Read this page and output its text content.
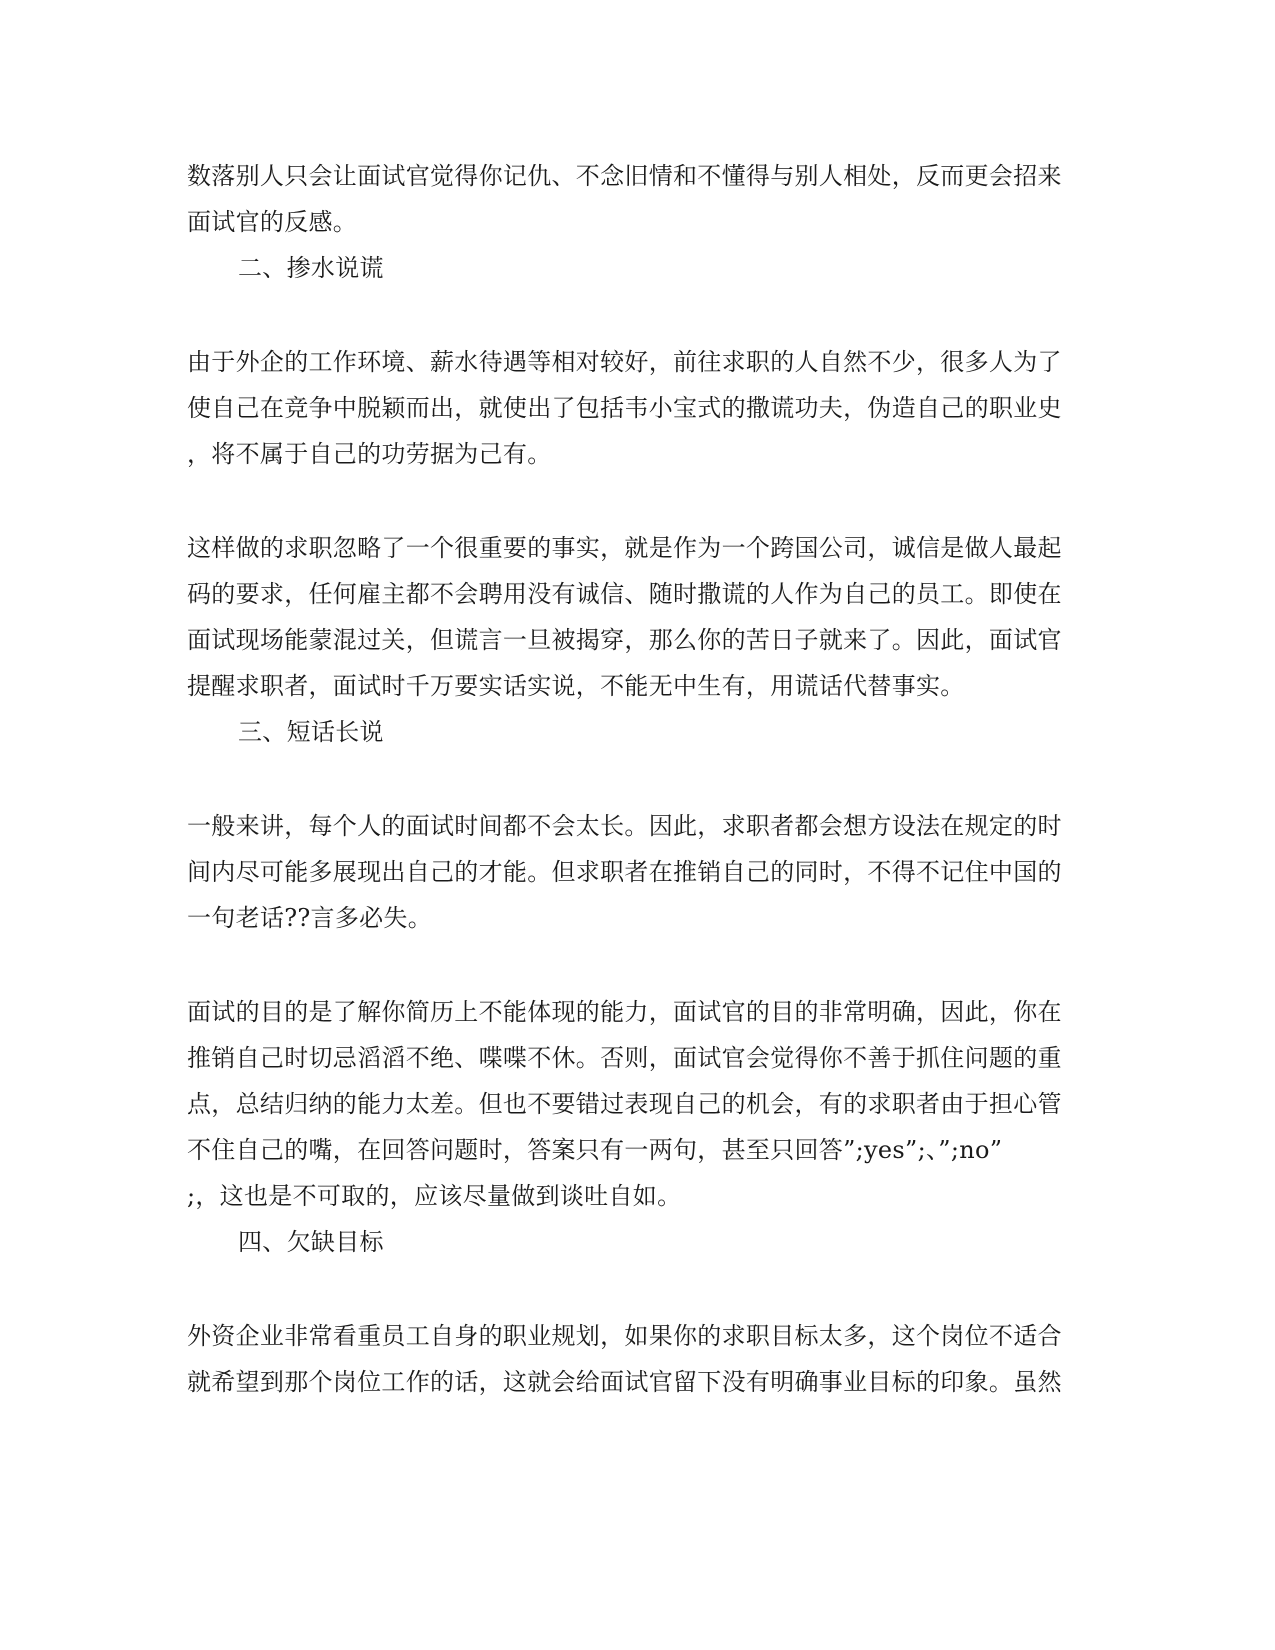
数落别人只会让面试官觉得你记仇、不念旧情和不懂得与别人相处，反而更会招来
面试官的反感。
二、掺水说谎
由于外企的工作环境、薪水待遇等相对较好，前往求职的人自然不少，很多人为了
使自己在竞争中脱颖而出，就使出了包括韦小宝式的撒谎功夫，伪造自己的职业史
，将不属于自己的功劳据为己有。
这样做的求职忽略了一个很重要的事实，就是作为一个跨国公司，诚信是做人最起
码的要求，任何雇主都不会聘用没有诚信、随时撒谎的人作为自己的员工。即使在
面试现场能蒙混过关，但谎言一旦被揭穿，那么你的苦日子就来了。因此，面试官
提醒求职者，面试时千万要实话实说，不能无中生有，用谎话代替事实。
三、短话长说
一般来讲，每个人的面试时间都不会太长。因此，求职者都会想方设法在规定的时
间内尽可能多展现出自己的才能。但求职者在推销自己的同时，不得不记住中国的
一句老话??言多必失。
面试的目的是了解你简历上不能体现的能力，面试官的目的非常明确，因此，你在
推销自己时切忌滔滔不绝、喋喋不休。否则，面试官会觉得你不善于抓住问题的重
点，总结归纳的能力太差。但也不要错过表现自己的机会，有的求职者由于担心管
不住自己的嘴，在回答问题时，答案只有一两句，甚至只回答”;yes”;、”;no”
;，这也是不可取的，应该尽量做到谈吐自如。
四、欠缺目标
外资企业非常看重员工自身的职业规划，如果你的求职目标太多，这个岗位不适合
就希望到那个岗位工作的话，这就会给面试官留下没有明确事业目标的印象。虽然
